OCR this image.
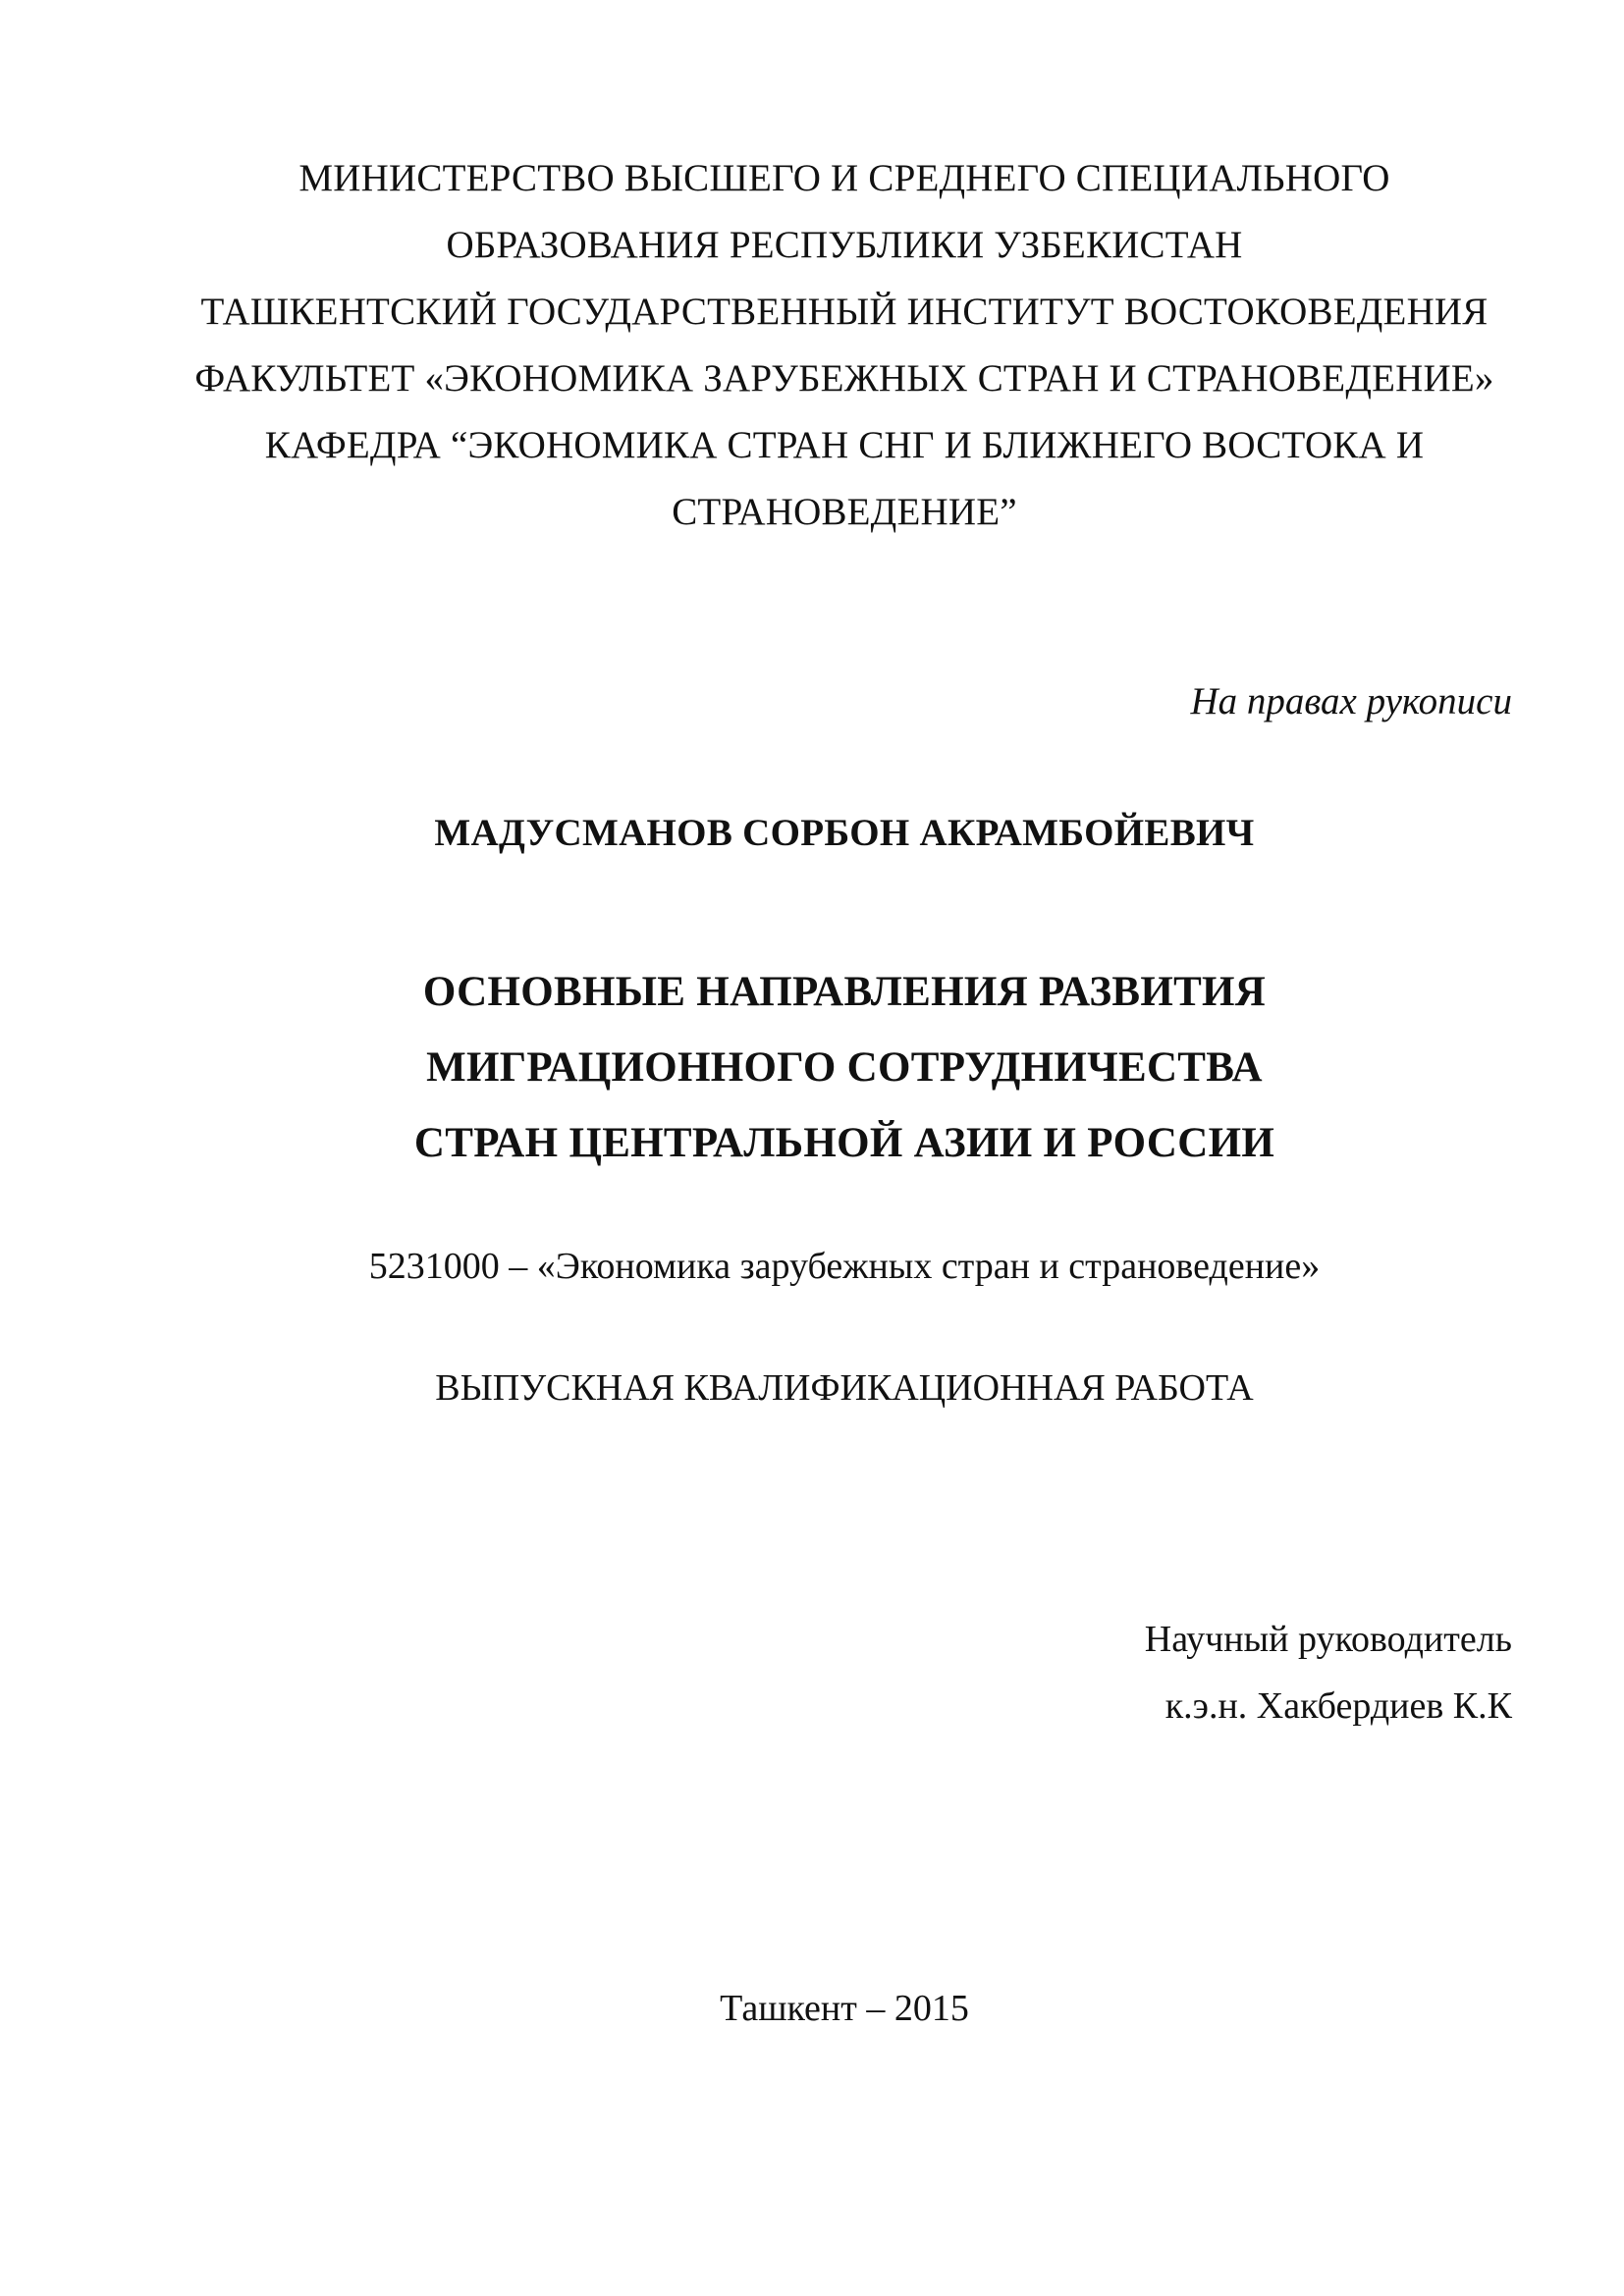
МИНИСТЕРСТВО ВЫСШЕГО И СРЕДНЕГО СПЕЦИАЛЬНОГО
ОБРАЗОВАНИЯ РЕСПУБЛИКИ УЗБЕКИСТАН
ТАШКЕНТСКИЙ ГОСУДАРСТВЕННЫЙ ИНСТИТУТ ВОСТОКОВЕДЕНИЯ
ФАКУЛЬТЕТ «ЭКОНОМИКА ЗАРУБЕЖНЫХ СТРАН И СТРАНОВЕДЕНИЕ»
КАФЕДРА “ЭКОНОМИКА СТРАН СНГ И БЛИЖНЕГО ВОСТОКА И
СТРАНОВЕДЕНИЕ”
На правах рукописи
МАДУСМАНОВ СОРБОН АКРАМБОЙЕВИЧ
ОСНОВНЫЕ НАПРАВЛЕНИЯ РАЗВИТИЯ
МИГРАЦИОННОГО СОТРУДНИЧЕСТВА
СТРАН ЦЕНТРАЛЬНОЙ АЗИИ И РОССИИ
5231000 – «Экономика зарубежных стран и страноведение»
ВЫПУСКНАЯ КВАЛИФИКАЦИОННАЯ РАБОТА
Научный руководитель
к.э.н. Хакбердиев К.К
Ташкент – 2015
